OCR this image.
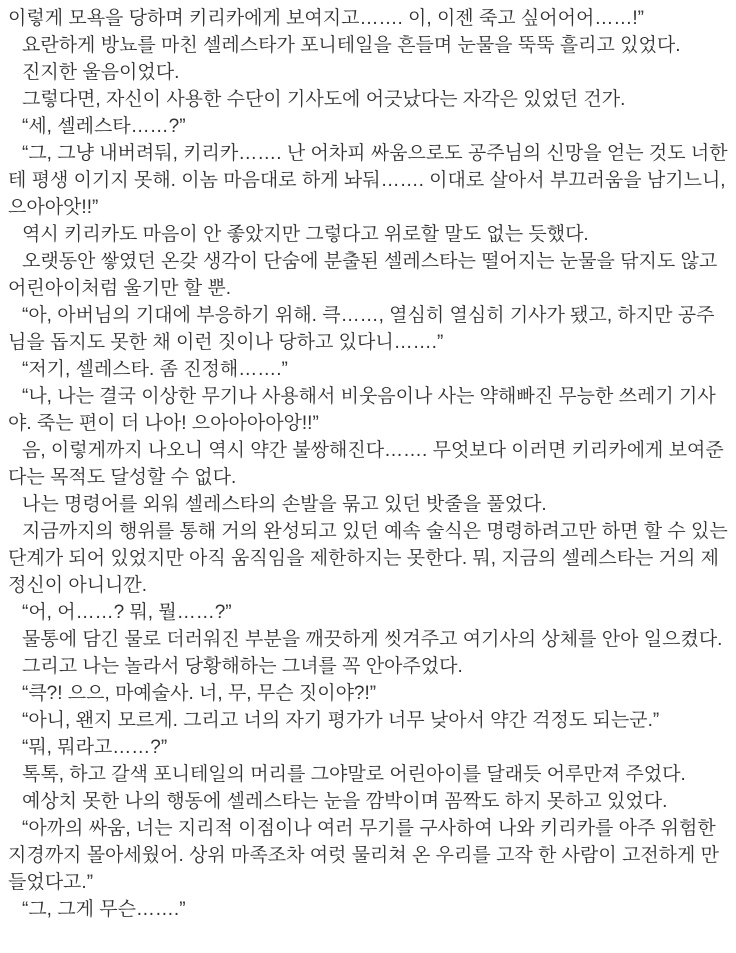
이렇게 모욕을 당하며 키리카에게 보여지고……. 이, 이젠 죽고 싶어어어……!”

요란하게 방뇨를 마친 셀레스타가 포니테일을 흔들며 눈물을 뚝뚝 흘리고 있었다.

진지한 울음이었다.

그렇다면, 자신이 사용한 수단이 기사도에 어긋났다는 자각은 있었던 건가.

“세, 셀레스타……?”

“그, 그냥 내버려둬, 키리카……. 난 어차피 싸움으로도 공주님의 신망을 얻는 것도 너한테 평생 이기지 못해. 이놈 마음대로 하게 놔둬……. 이대로 살아서 부끄러움을 남기느니, 으아아앗!!”

역시 키리카도 마음이 안 좋았지만 그렇다고 위로할 말도 없는 듯했다.

오랫동안 쌓였던 온갖 생각이 단숨에 분출된 셀레스타는 떨어지는 눈물을 닦지도 않고 어린아이처럼 울기만 할 뿐.

“아, 아버님의 기대에 부응하기 위해. 큭……, 열심히 열심히 기사가 됐고, 하지만 공주님을 돕지도 못한 채 이런 짓이나 당하고 있다니…….”

“저기, 셀레스타. 좀 진정해…….”

“나, 나는 결국 이상한 무기나 사용해서 비웃음이나 사는 약해빠진 무능한 쓰레기 기사야. 죽는 편이 더 나아! 으아아아아앙!!”

음, 이렇게까지 나오니 역시 약간 불쌍해진다……. 무엇보다 이러면 키리카에게 보여준다는 목적도 달성할 수 없다.

나는 명령어를 외워 셀레스타의 손발을 묶고 있던 밧줄을 풀었다.

지금까지의 행위를 통해 거의 완성되고 있던 예속 술식은 명령하려고만 하면 할 수 있는 단계가 되어 있었지만 아직 움직임을 제한하지는 못한다. 뭐, 지금의 셀레스타는 거의 제정신이 아니니깐.

“어, 어……? 뭐, 뭘……?”

물통에 담긴 물로 더러워진 부분을 깨끗하게 씻겨주고 여기사의 상체를 안아 일으켰다.

그리고 나는 놀라서 당황해하는 그녀를 꼭 안아주었다.

“큭?! 으으, 마예술사. 너, 무, 무슨 짓이야?!”

“아니, 왠지 모르게. 그리고 너의 자기 평가가 너무 낮아서 약간 걱정도 되는군.”

“뭐, 뭐라고……?”

톡톡, 하고 갈색 포니테일의 머리를 그야말로 어린아이를 달래듯 어루만져 주었다.

예상치 못한 나의 행동에 셀레스타는 눈을 깜박이며 꼼짝도 하지 못하고 있었다.

“아까의 싸움, 너는 지리적 이점이나 여러 무기를 구사하여 나와 키리카를 아주 위험한 지경까지 몰아세웠어. 상위 마족조차 여럿 물리쳐 온 우리를 고작 한 사람이 고전하게 만들었다고.”

“그, 그게 무슨…….”
